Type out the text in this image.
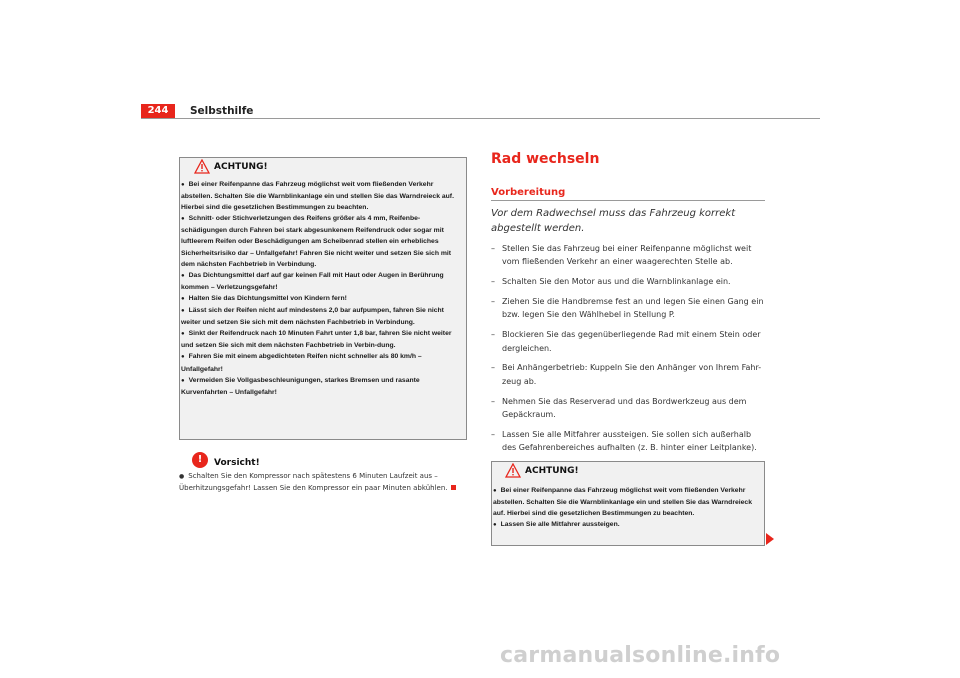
244	Selbsthilfe
ACHTUNG!
● Bei einer Reifenpanne das Fahrzeug möglichst weit vom fließenden Verkehr abstellen. Schalten Sie die Warnblinkanlage ein und stellen Sie das Warndreieck auf. Hierbei sind die gesetzlichen Bestimmungen zu beachten.
● Schnitt- oder Stichverletzungen des Reifens größer als 4 mm, Reifenbe-schädigungen durch Fahren bei stark abgesunkenem Reifendruck oder sogar mit luftleerem Reifen oder Beschädigungen am Scheibenrad stellen ein erhebliches Sicherheitsrisiko dar – Unfallgefahr! Fahren Sie nicht weiter und setzen Sie sich mit dem nächsten Fachbetrieb in Verbindung.
● Das Dichtungsmittel darf auf gar keinen Fall mit Haut oder Augen in Berührung kommen – Verletzungsgefahr!
● Halten Sie das Dichtungsmittel von Kindern fern!
● Lässt sich der Reifen nicht auf mindestens 2,0 bar aufpumpen, fahren Sie nicht weiter und setzen Sie sich mit dem nächsten Fachbetrieb in Verbindung.
● Sinkt der Reifendruck nach 10 Minuten Fahrt unter 1,8 bar, fahren Sie nicht weiter und setzen Sie sich mit dem nächsten Fachbetrieb in Verbin-dung.
● Fahren Sie mit einem abgedichteten Reifen nicht schneller als 80 km/h – Unfallgefahr!
● Vermeiden Sie Vollgasbeschleunigungen, starkes Bremsen und rasante Kurvenfahrten – Unfallgefahr!
!	Vorsicht!
● Schalten Sie den Kompressor nach spätestens 6 Minuten Laufzeit aus – Überhitzungsgefahr! Lassen Sie den Kompressor ein paar Minuten abkühlen.
Rad wechseln
Vorbereitung
Vor dem Radwechsel muss das Fahrzeug korrekt abgestellt werden.
– Stellen Sie das Fahrzeug bei einer Reifenpanne möglichst weit vom fließenden Verkehr an einer waagerechten Stelle ab.
– Schalten Sie den Motor aus und die Warnblinkanlage ein.
– Ziehen Sie die Handbremse fest an und legen Sie einen Gang ein bzw. legen Sie den Wählhebel in Stellung P.
– Blockieren Sie das gegenüberliegende Rad mit einem Stein oder dergleichen.
– Bei Anhängerbetrieb: Kuppeln Sie den Anhänger von Ihrem Fahr-zeug ab.
– Nehmen Sie das Reserverad und das Bordwerkzeug aus dem Gepäckraum.
– Lassen Sie alle Mitfahrer aussteigen. Sie sollen sich außerhalb des Gefahrenbereiches aufhalten (z. B. hinter einer Leitplanke).
ACHTUNG!
● Bei einer Reifenpanne das Fahrzeug möglichst weit vom fließenden Verkehr abstellen. Schalten Sie die Warnblinkanlage ein und stellen Sie das Warndreieck auf. Hierbei sind die gesetzlichen Bestimmungen zu beachten.
● Lassen Sie alle Mitfahrer aussteigen.
carmanualsonline.info
